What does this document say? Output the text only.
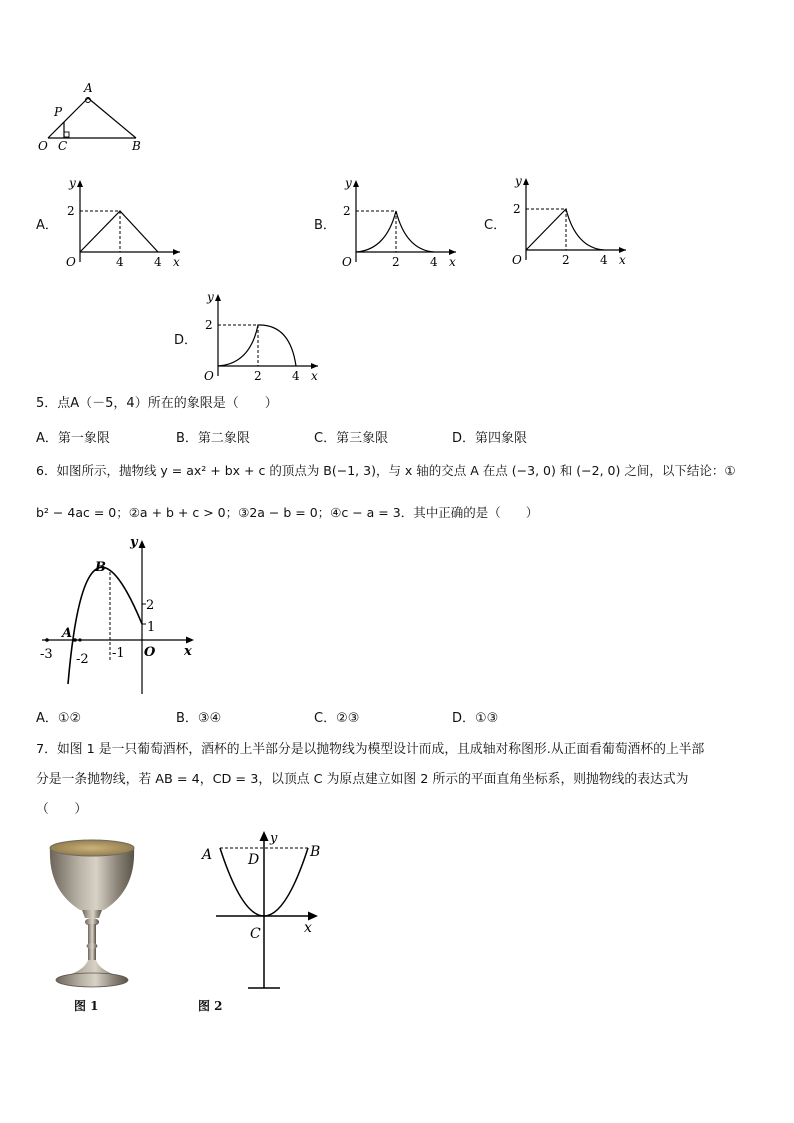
A
P
O C	B
A．
y
2
O	4	4 x
B．
y
2
O	2	4 x
C．
y
2
O	2	4 x
D．
y
2
O	2	4 x
5．点A（－5，4）所在的象限是（　　）
A．第一象限	B．第二象限	C．第三象限	D．第四象限
6．如图所示，抛物线 y = ax² + bx + c 的顶点为 B(−1, 3)，与 x 轴的交点 A 在点 (−3, 0) 和 (−2, 0) 之间，以下结论：①
b² − 4ac = 0；②a + b + c > 0；③2a − b = 0；④c − a = 3．其中正确的是（　　）
B
y
A
x
O
-3 -2 -1
2
1
A．①②	B．③④	C．②③	D．①③
7．如图 1 是一只葡萄酒杯，酒杯的上半部分是以抛物线为模型设计而成，且成轴对称图形.从正面看葡萄酒杯的上半部
分是一条抛物线，若 AB = 4，CD = 3，以顶点 C 为原点建立如图 2 所示的平面直角坐标系，则抛物线的表达式为
（　　）
图 1
A	B
D
C	x
y
图 2
